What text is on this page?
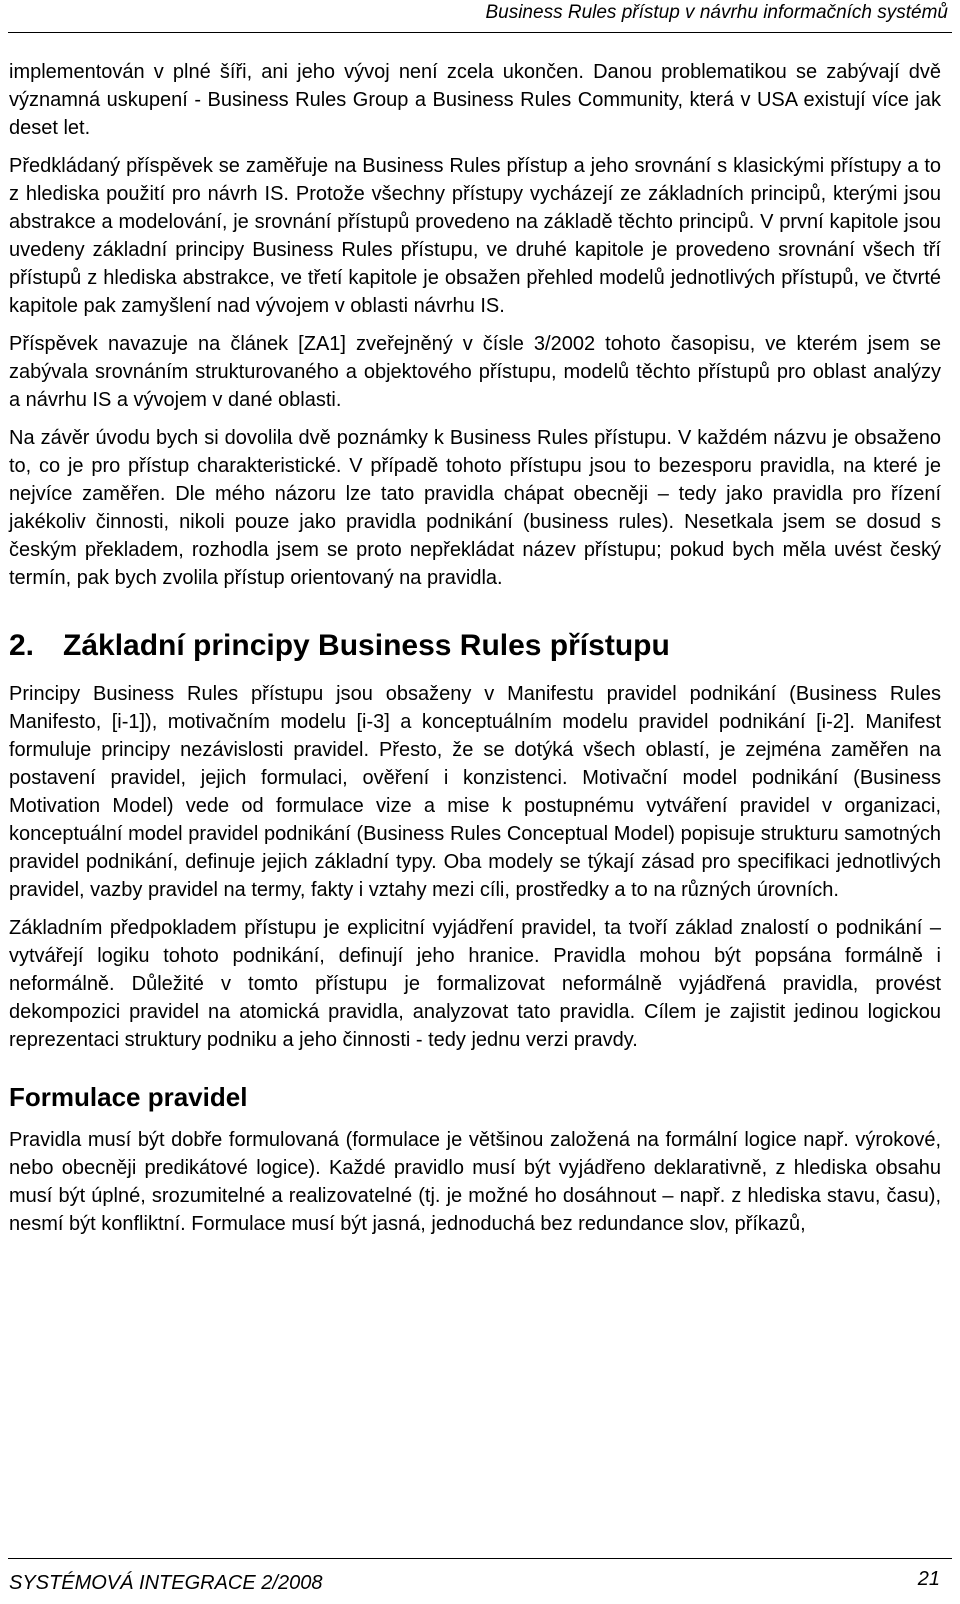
Business Rules přístup v návrhu informačních systémů

implementován v plné šíři, ani jeho vývoj není zcela ukončen. Danou problematikou se zabývají dvě významná uskupení - Business Rules Group a Business Rules Community, která v USA existují více jak deset let.

Předkládaný příspěvek se zaměřuje na Business Rules přístup a jeho srovnání s klasickými přístupy a to z hlediska použití pro návrh IS. Protože všechny přístupy vycházejí ze základních principů, kterými jsou abstrakce a modelování, je srovnání přístupů provedeno na základě těchto principů. V první kapitole jsou uvedeny základní principy Business Rules přístupu, ve druhé kapitole je provedeno srovnání všech tří přístupů z hlediska abstrakce, ve třetí kapitole je obsažen přehled modelů jednotlivých přístupů, ve čtvrté kapitole pak zamyšlení nad vývojem v oblasti návrhu IS.

Příspěvek navazuje na článek [ZA1] zveřejněný v čísle 3/2002 tohoto časopisu, ve kterém jsem se zabývala srovnáním strukturovaného a objektového přístupu, modelů těchto přístupů pro oblast analýzy a návrhu IS a vývojem v dané oblasti.

Na závěr úvodu bych si dovolila dvě poznámky k Business Rules přístupu. V každém názvu je obsaženo to, co je pro přístup charakteristické. V případě tohoto přístupu jsou to bezesporu pravidla, na které je nejvíce zaměřen. Dle mého názoru lze tato pravidla chápat obecněji – tedy jako pravidla pro řízení jakékoliv činnosti, nikoli pouze jako pravidla podnikání (business rules). Nesetkala jsem se dosud s českým překladem, rozhodla jsem se proto nepřekládat název přístupu; pokud bych měla uvést český termín, pak bych zvolila přístup orientovaný na pravidla.

2. Základní principy Business Rules přístupu

Principy Business Rules přístupu jsou obsaženy v Manifestu pravidel podnikání (Business Rules Manifesto, [i-1]), motivačním modelu [i-3] a konceptuálním modelu pravidel podnikání [i-2]. Manifest formuluje principy nezávislosti pravidel. Přesto, že se dotýká všech oblastí, je zejména zaměřen na postavení pravidel, jejich formulaci, ověření i konzistenci. Motivační model podnikání (Business Motivation Model) vede od formulace vize a mise k postupnému vytváření pravidel v organizaci, konceptuální model pravidel podnikání (Business Rules Conceptual Model) popisuje strukturu samotných pravidel podnikání, definuje jejich základní typy. Oba modely se týkají zásad pro specifikaci jednotlivých pravidel, vazby pravidel na termy, fakty i vztahy mezi cíli, prostředky a to na různých úrovních.

Základním předpokladem přístupu je explicitní vyjádření pravidel, ta tvoří základ znalostí o podnikání – vytvářejí logiku tohoto podnikání, definují jeho hranice. Pravidla mohou být popsána formálně i neformálně. Důležité v tomto přístupu je formalizovat neformálně vyjádřená pravidla, provést dekompozici pravidel na atomická pravidla, analyzovat tato pravidla. Cílem je zajistit jedinou logickou reprezentaci struktury podniku a jeho činnosti - tedy jednu verzi pravdy.

Formulace pravidel

Pravidla musí být dobře formulovaná (formulace je většinou založená na formální logice např. výrokové, nebo obecněji predikátové logice). Každé pravidlo musí být vyjádřeno deklarativně, z hlediska obsahu musí být úplné, srozumitelné a realizovatelné (tj. je možné ho dosáhnout – např. z hlediska stavu, času), nesmí být konfliktní. Formulace musí být jasná, jednoduchá bez redundance slov, příkazů,

SYSTÉMOVÁ INTEGRACE 2/2008	21
